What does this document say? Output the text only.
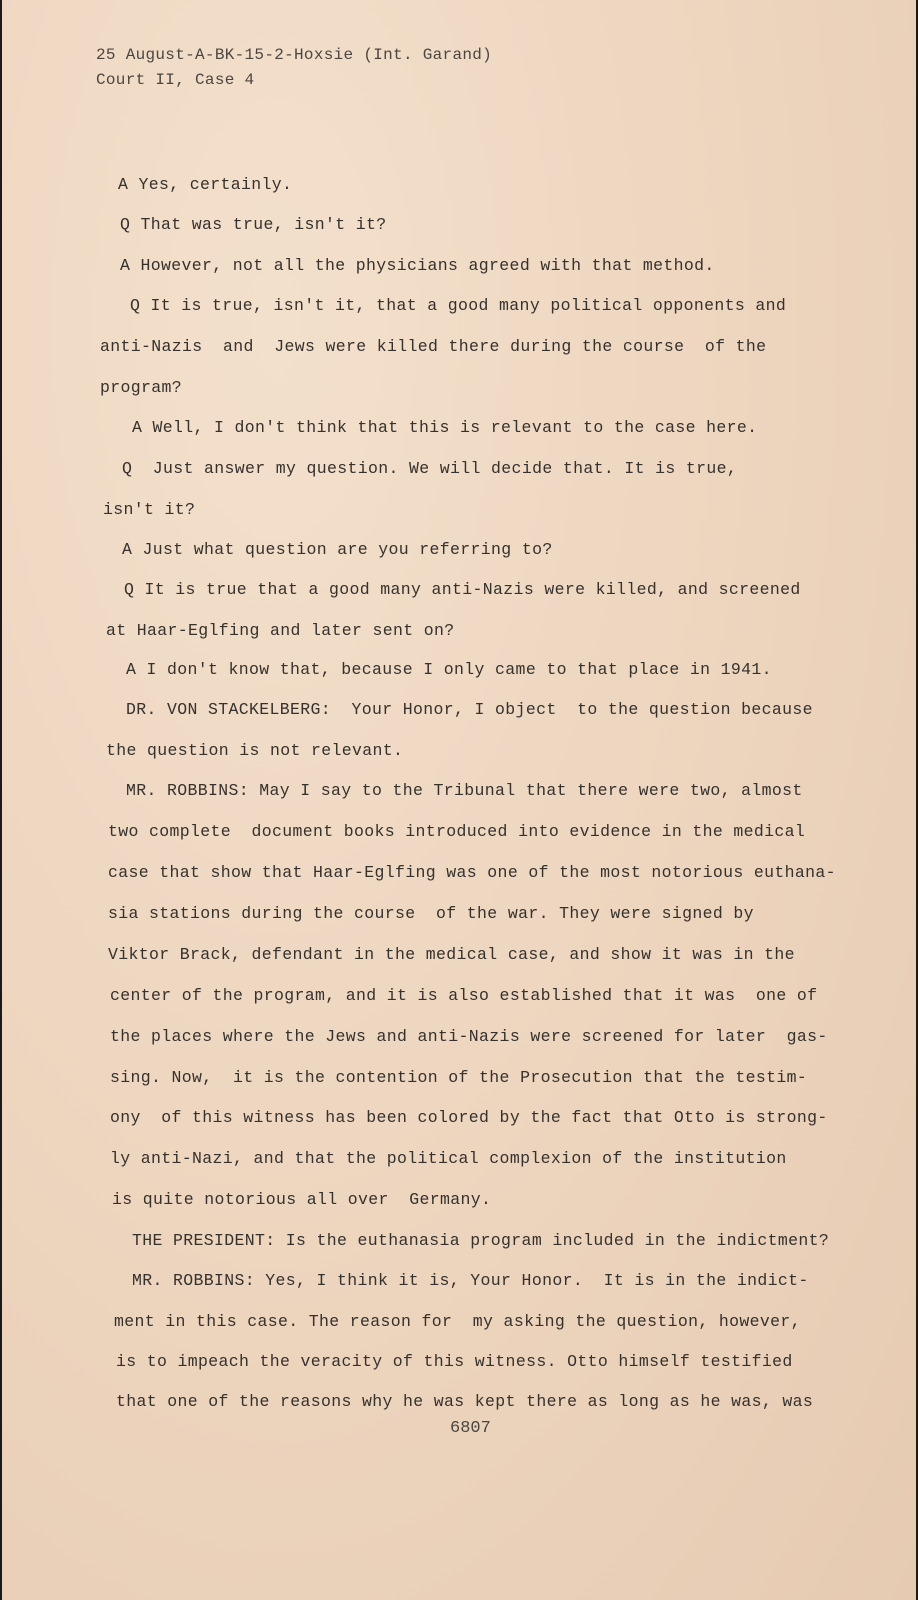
25 August-A-BK-15-2-Hoxsie (Int. Garand)
Court II, Case 4
A Yes, certainly.
Q That was true, isn't it?
A However, not all the physicians agreed with that method.
Q It is true, isn't it, that a good many political opponents and
anti-Nazis  and  Jews were killed there during the course  of the
program?
A Well, I don't think that this is relevant to the case here.
Q  Just answer my question. We will decide that. It is true,
isn't it?
A Just what question are you referring to?
Q It is true that a good many anti-Nazis were killed, and screened
at Haar-Eglfing and later sent on?
A I don't know that, because I only came to that place in 1941.
DR. VON STACKELBERG:  Your Honor, I object  to the question because
the question is not relevant.
MR. ROBBINS: May I say to the Tribunal that there were two, almost
two complete  document books introduced into evidence in the medical
case that show that Haar-Eglfing was one of the most notorious euthana-
sia stations during the course  of the war. They were signed by
Viktor Brack, defendant in the medical case, and show it was in the
center of the program, and it is also established that it was  one of
the places where the Jews and anti-Nazis were screened for later  gas-
sing. Now,  it is the contention of the Prosecution that the testim-
ony  of this witness has been colored by the fact that Otto is strong-
ly anti-Nazi, and that the political complexion of the institution
is quite notorious all over  Germany.
THE PRESIDENT: Is the euthanasia program included in the indictment?
MR. ROBBINS: Yes, I think it is, Your Honor.  It is in the indict-
ment in this case. The reason for  my asking the question, however,
is to impeach the veracity of this witness. Otto himself testified
that one of the reasons why he was kept there as long as he was, was
6807
